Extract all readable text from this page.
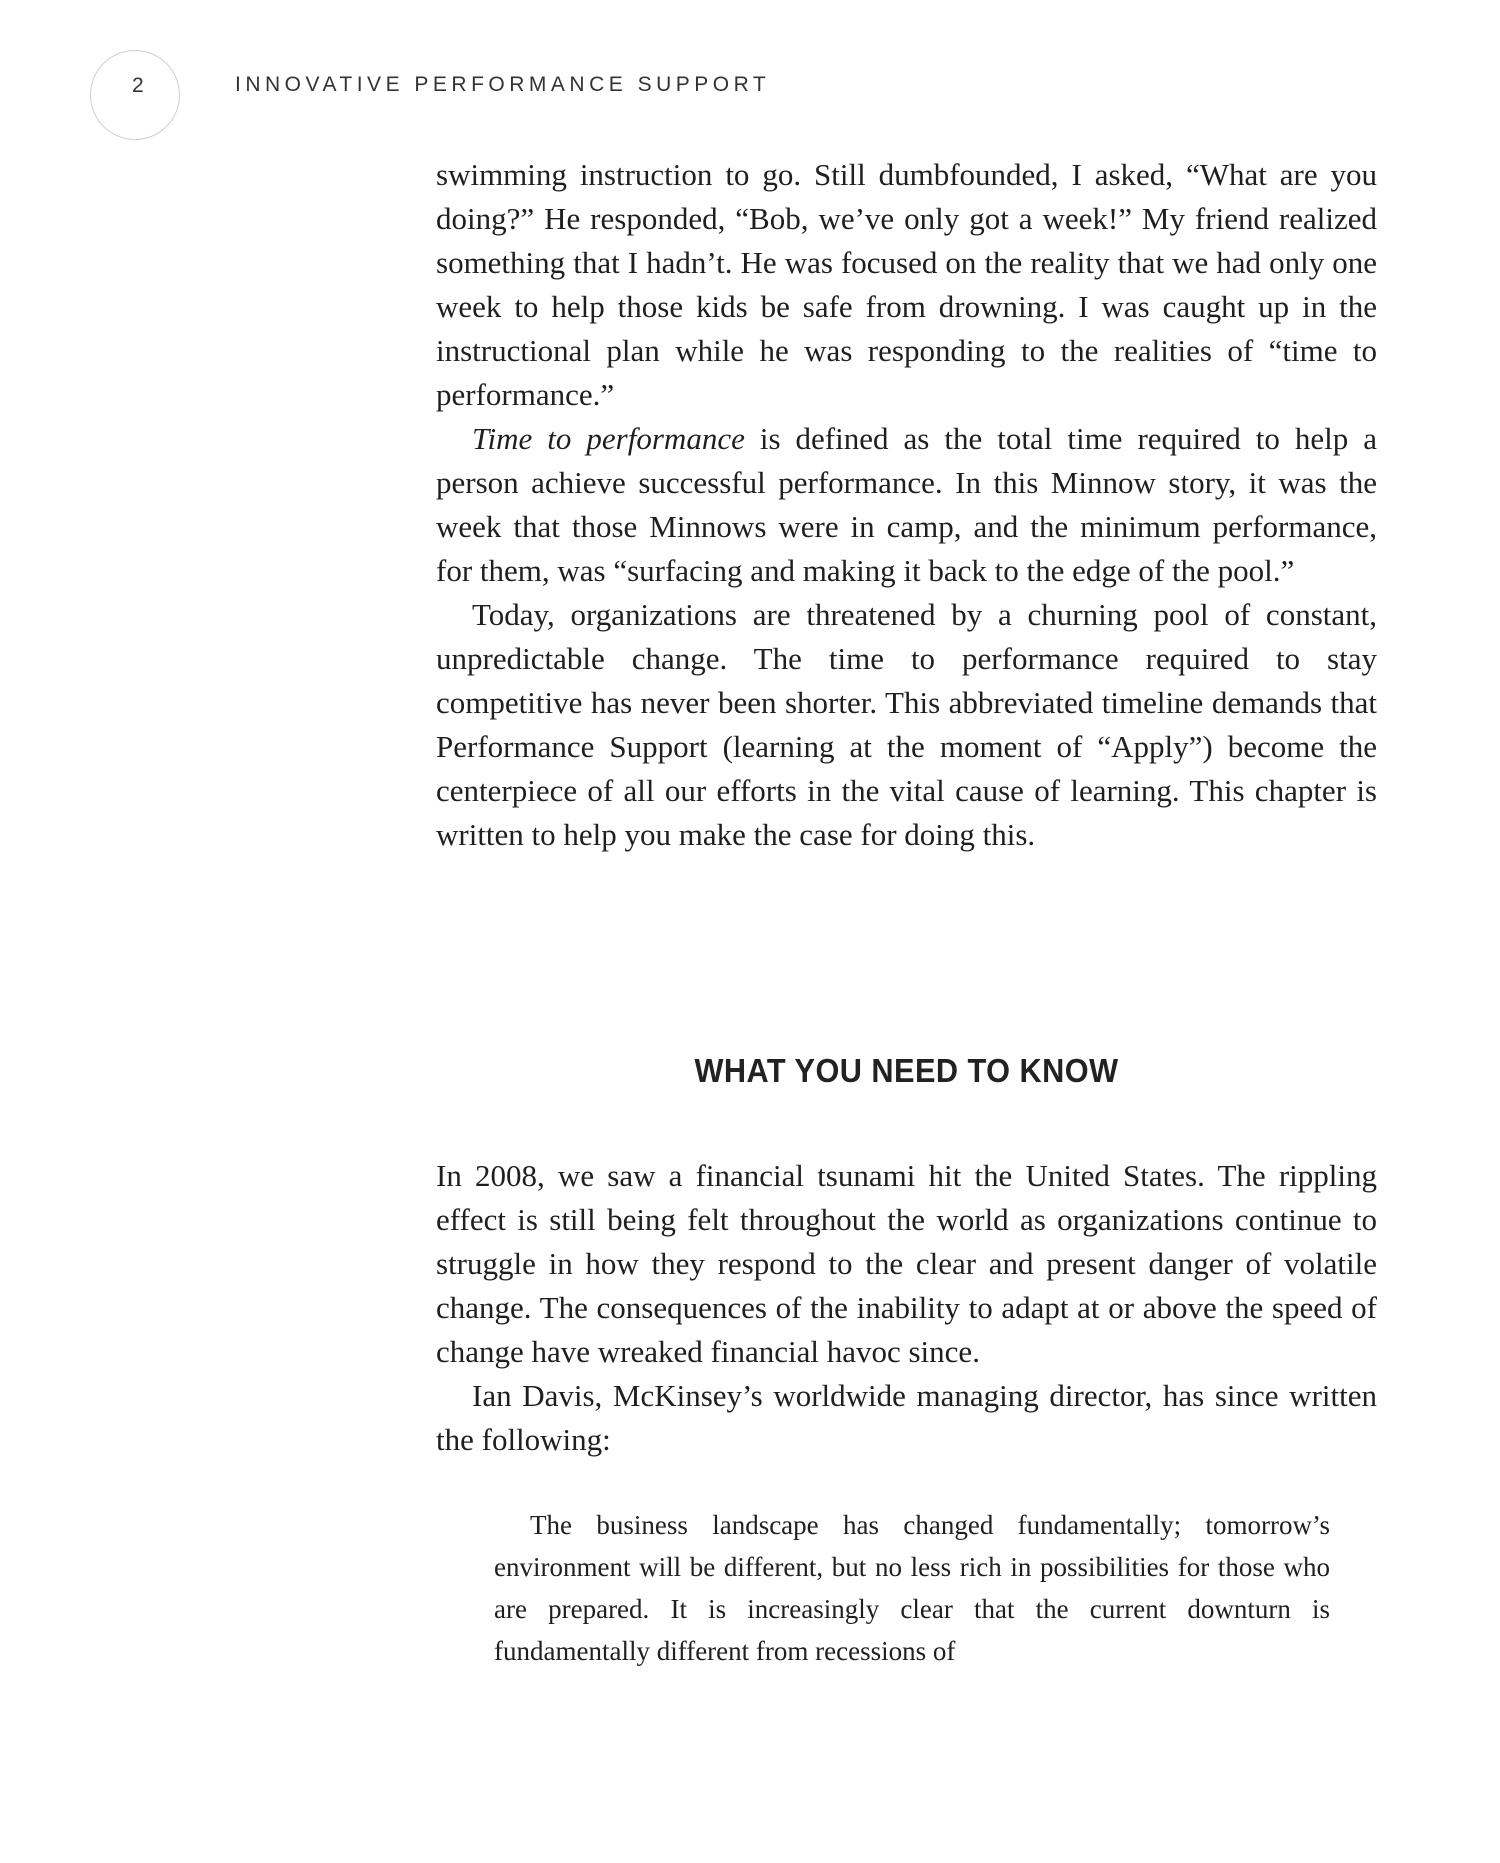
2	INNOVATIVE PERFORMANCE SUPPORT

swimming instruction to go. Still dumbfounded, I asked, “What are you doing?” He responded, “Bob, we’ve only got a week!” My friend realized something that I hadn’t. He was focused on the reality that we had only one week to help those kids be safe from drowning. I was caught up in the instructional plan while he was responding to the realities of “time to performance.”

Time to performance is defined as the total time required to help a person achieve successful performance. In this Minnow story, it was the week that those Minnows were in camp, and the minimum performance, for them, was “surfacing and making it back to the edge of the pool.”

Today, organizations are threatened by a churning pool of constant, unpredictable change. The time to performance required to stay competitive has never been shorter. This abbreviated timeline demands that Performance Support (learning at the moment of “Apply”) become the centerpiece of all our efforts in the vital cause of learning. This chapter is written to help you make the case for doing this.

WHAT YOU NEED TO KNOW

In 2008, we saw a financial tsunami hit the United States. The rippling effect is still being felt throughout the world as organizations continue to struggle in how they respond to the clear and present danger of volatile change. The consequences of the inability to adapt at or above the speed of change have wreaked financial havoc since.

Ian Davis, McKinsey’s worldwide managing director, has since written the following:

The business landscape has changed fundamentally; tomorrow’s environment will be different, but no less rich in possibilities for those who are prepared. It is increasingly clear that the current downturn is fundamentally different from recessions of
